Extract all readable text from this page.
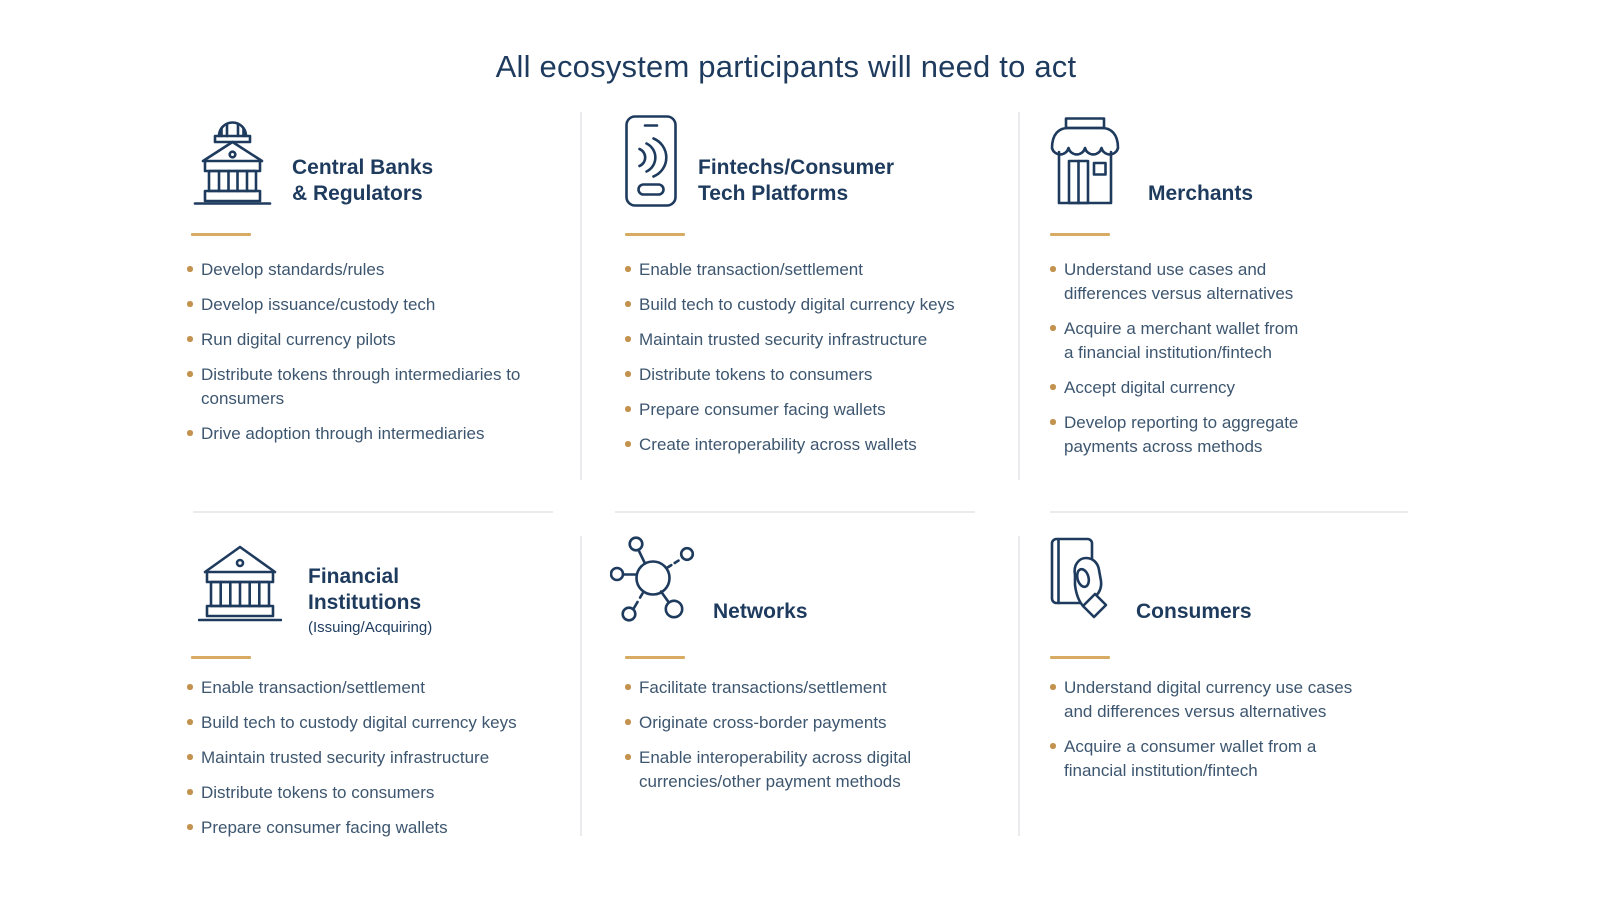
All ecosystem participants will need to act
Central Banks
& Regulators
Develop standards/rules
Develop issuance/custody tech
Run digital currency pilots
Distribute tokens through intermediaries to consumers
Drive adoption through intermediaries
Fintechs/Consumer
Tech Platforms
Enable transaction/settlement
Build tech to custody digital currency keys
Maintain trusted security infrastructure
Distribute tokens to consumers
Prepare consumer facing wallets
Create interoperability across wallets
Merchants
Understand use cases and differences versus alternatives
Acquire a merchant wallet from a financial institution/fintech
Accept digital currency
Develop reporting to aggregate payments across methods
Financial
Institutions
(Issuing/Acquiring)
Enable transaction/settlement
Build tech to custody digital currency keys
Maintain trusted security infrastructure
Distribute tokens to consumers
Prepare consumer facing wallets
Networks
Facilitate transactions/settlement
Originate cross-border payments
Enable interoperability across digital currencies/other payment methods
Consumers
Understand digital currency use cases and differences versus alternatives
Acquire a consumer wallet from a financial institution/fintech
